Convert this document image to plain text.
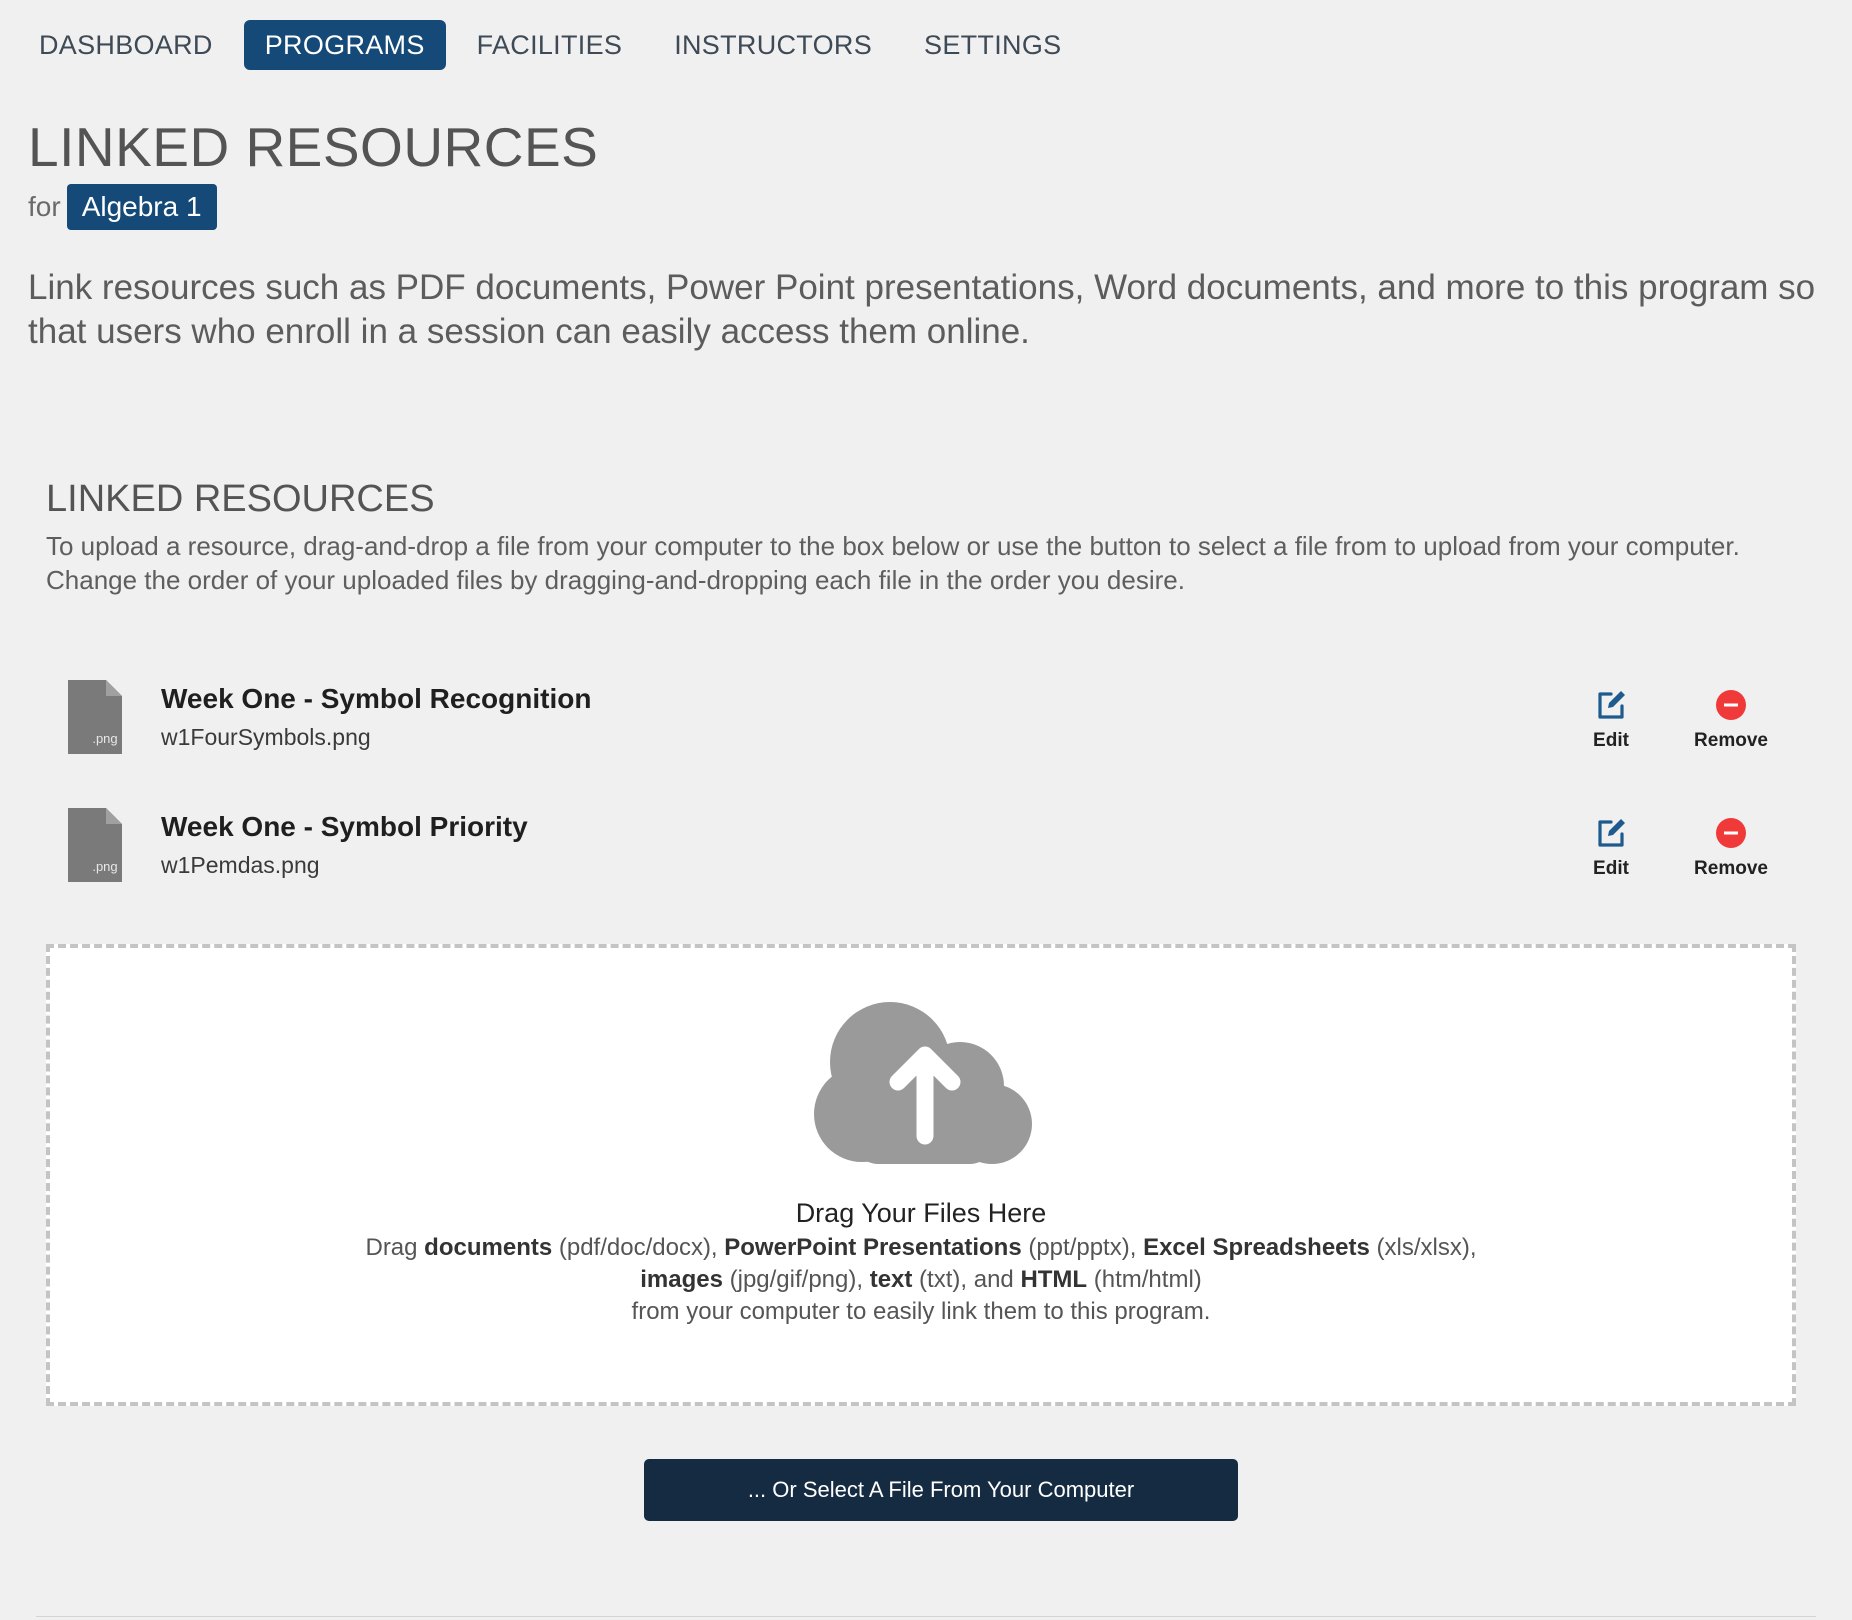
DASHBOARD	PROGRAMS	FACILITIES	INSTRUCTORS	SETTINGS
LINKED RESOURCES
for Algebra 1
Link resources such as PDF documents, Power Point presentations, Word documents, and more to this program so that users who enroll in a session can easily access them online.
LINKED RESOURCES
To upload a resource, drag-and-drop a file from your computer to the box below or use the button to select a file from to upload from your computer. Change the order of your uploaded files by dragging-and-dropping each file in the order you desire.
.png
Week One - Symbol Recognition
w1FourSymbols.png	Edit	Remove
.png
Week One - Symbol Priority
w1Pemdas.png	Edit	Remove
Drag Your Files Here
Drag documents (pdf/doc/docx), PowerPoint Presentations (ppt/pptx), Excel Spreadsheets (xls/xlsx),
images (jpg/gif/png), text (txt), and HTML (htm/html)
from your computer to easily link them to this program.
... Or Select A File From Your Computer
